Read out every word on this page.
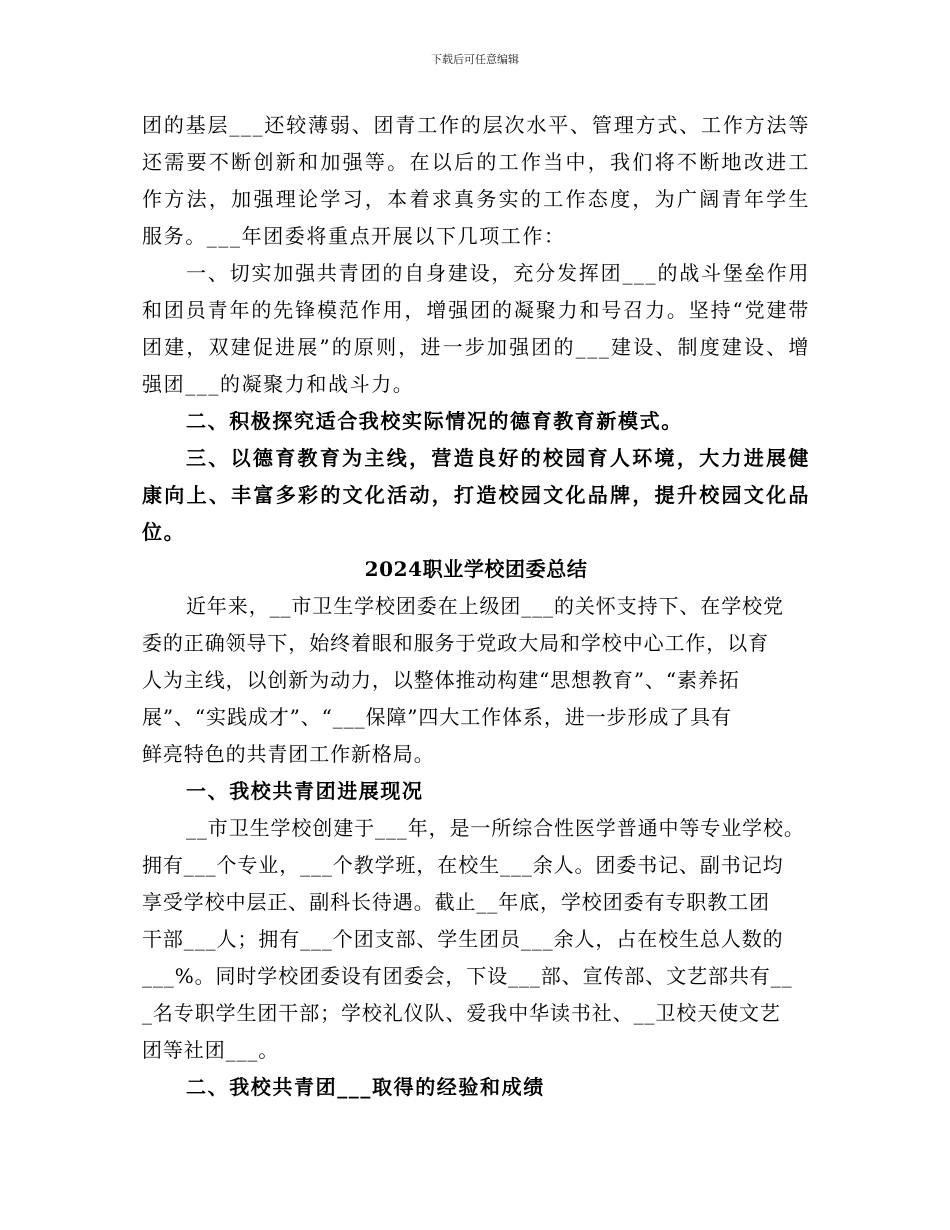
下载后可任意编辑

团的基层___还较薄弱、团青工作的层次水平、管理方式、工作方法等还需要不断创新和加强等。在以后的工作当中，我们将不断地改进工作方法，加强理论学习，本着求真务实的工作态度，为广阔青年学生服务。___年团委将重点开展以下几项工作：

一、切实加强共青团的自身建设，充分发挥团___的战斗堡垒作用和团员青年的先锋模范作用，增强团的凝聚力和号召力。坚持“党建带团建，双建促进展”的原则，进一步加强团的___建设、制度建设、增强团___的凝聚力和战斗力。

二、积极探究适合我校实际情况的德育教育新模式。

三、以德育教育为主线，营造良好的校园育人环境，大力进展健康向上、丰富多彩的文化活动，打造校园文化品牌，提升校园文化品位。

2024职业学校团委总结

近年来，__市卫生学校团委在上级团___的关怀支持下、在学校党
委的正确领导下，始终着眼和服务于党政大局和学校中心工作，以育
人为主线，以创新为动力，以整体推动构建“思想教育”、“素养拓
展”、“实践成才”、“___保障”四大工作体系，进一步形成了具有
鲜亮特色的共青团工作新格局。

一、我校共青团进展现况

__市卫生学校创建于___年，是一所综合性医学普通中等专业学校。
拥有___个专业，___个教学班，在校生___余人。团委书记、副书记均
享受学校中层正、副科长待遇。截止__年底，学校团委有专职教工团
干部___人；拥有___个团支部、学生团员___余人，占在校生总人数的
___%。同时学校团委设有团委会，下设___部、宣传部、文艺部共有__
_名专职学生团干部；学校礼仪队、爱我中华读书社、__卫校天使文艺
团等社团___。

二、我校共青团___取得的经验和成绩
